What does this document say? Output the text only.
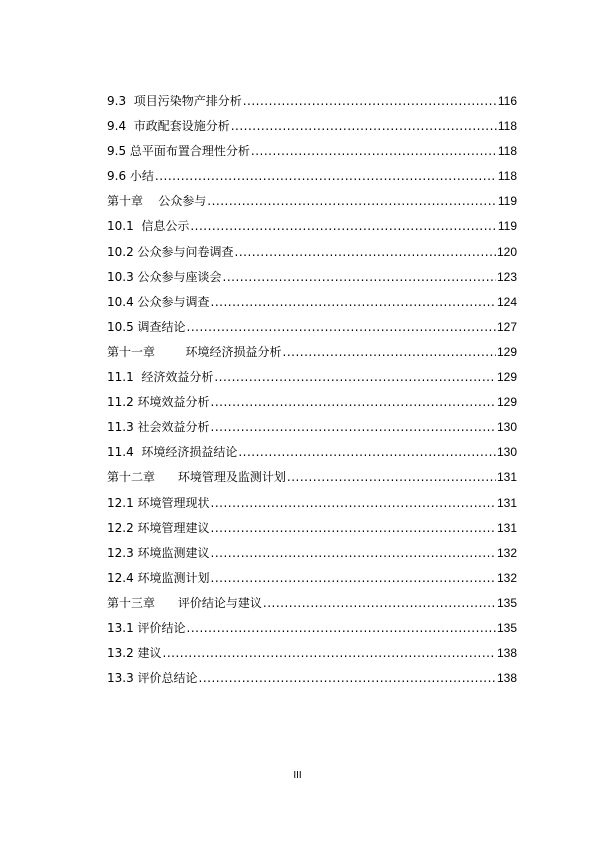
9.3  项目污染物产排分析 .....	116
9.4  市政配套设施分析 .....	118
9.5 总平面布置合理性分析 .....	118
9.6 小结 .....	118
第十章    公众参与 .....	119
10.1  信息公示 .....	119
10.2 公众参与问卷调查 .....	120
10.3 公众参与座谈会 .....	123
10.4 公众参与调查 .....	124
10.5 调查结论 .....	127
第十一章        环境经济损益分析 .....	129
11.1  经济效益分析 .....	129
11.2 环境效益分析 .....	129
11.3 社会效益分析 .....	130
11.4  环境经济损益结论 .....	130
第十二章      环境管理及监测计划 .....	131
12.1 环境管理现状 .....	131
12.2 环境管理建议 .....	131
12.3 环境监测建议 .....	132
12.4 环境监测计划 .....	132
第十三章      评价结论与建议 .....	135
13.1 评价结论 .....	135
13.2 建议 .....	138
13.3 评价总结论 .....	138
III
